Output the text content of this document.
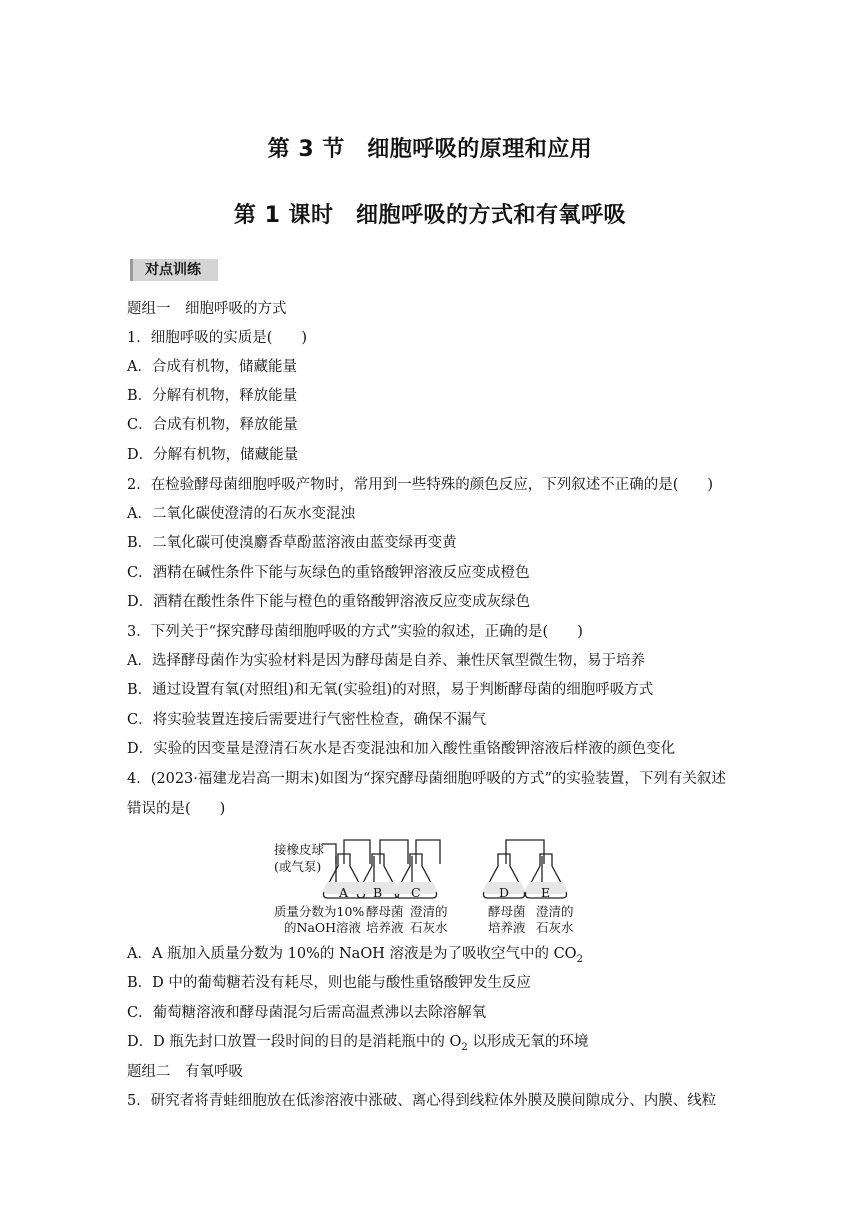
第 3 节　细胞呼吸的原理和应用
第 1 课时　细胞呼吸的方式和有氧呼吸
对点训练
题组一　细胞呼吸的方式
1．细胞呼吸的实质是(　　)
A．合成有机物，储藏能量
B．分解有机物，释放能量
C．合成有机物，释放能量
D．分解有机物，储藏能量
2．在检验酵母菌细胞呼吸产物时，常用到一些特殊的颜色反应，下列叙述不正确的是(　　)
A．二氧化碳使澄清的石灰水变混浊
B．二氧化碳可使溴麝香草酚蓝溶液由蓝变绿再变黄
C．酒精在碱性条件下能与灰绿色的重铬酸钾溶液反应变成橙色
D．酒精在酸性条件下能与橙色的重铬酸钾溶液反应变成灰绿色
3．下列关于“探究酵母菌细胞呼吸的方式”实验的叙述，正确的是(　　)
A．选择酵母菌作为实验材料是因为酵母菌是自养、兼性厌氧型微生物，易于培养
B．通过设置有氧(对照组)和无氧(实验组)的对照，易于判断酵母菌的细胞呼吸方式
C．将实验装置连接后需要进行气密性检查，确保不漏气
D．实验的因变量是澄清石灰水是否变混浊和加入酸性重铬酸钾溶液后样液的颜色变化
4．(2023·福建龙岩高一期末)如图为“探究酵母菌细胞呼吸的方式”的实验装置，下列有关叙述
错误的是(　　)
接橡皮球
(或气泵)
A B C	D	E
质量分数为10%
的NaOH溶液
酵母菌
培养液
澄清的
石灰水
酵母菌
培养液
澄清的
石灰水
A．A 瓶加入质量分数为 10%的 NaOH 溶液是为了吸收空气中的 $CO_2$
B．D 中的葡萄糖若没有耗尽，则也能与酸性重铬酸钾发生反应
C．葡萄糖溶液和酵母菌混匀后需高温煮沸以去除溶解氧
D．D 瓶先封口放置一段时间的目的是消耗瓶中的 $O_2$ 以形成无氧的环境
题组二　有氧呼吸
5．研究者将青蛙细胞放在低渗溶液中涨破、离心得到线粒体外膜及膜间隙成分、内膜、线粒
